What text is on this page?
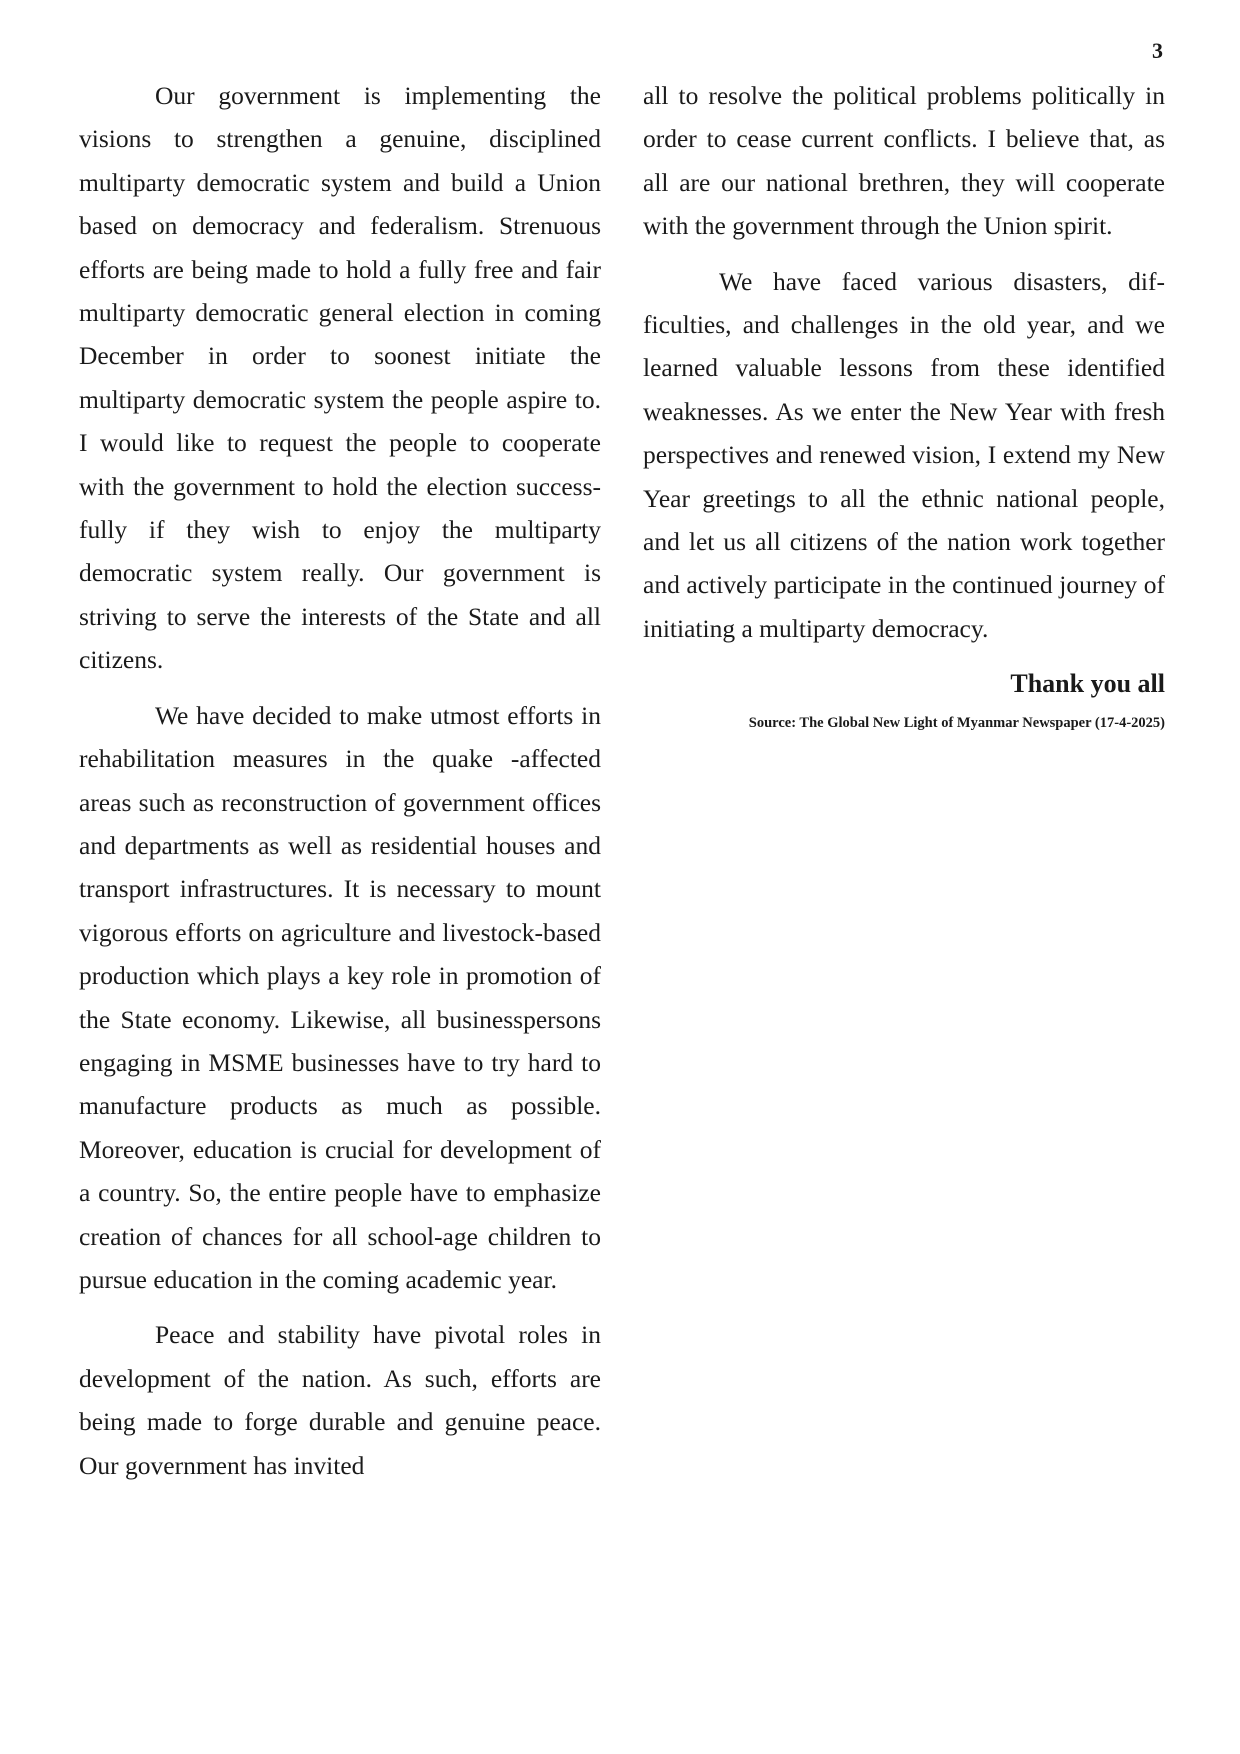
3

Our government is implementing the visions to strengthen a genuine, disciplined multiparty democratic system and build a Union based on democracy and federalism. Strenuous efforts are being made to hold a fully free and fair multiparty democratic general election in coming December in order to soonest initiate the multiparty democratic system the people aspire to. I would like to request the people to cooperate with the government to hold the election successfully if they wish to enjoy the multiparty democratic system really. Our government is striving to serve the interests of the State and all citizens.

We have decided to make utmost efforts in rehabilitation measures in the quake -affected areas such as reconstruction of government offices and departments as well as residential houses and transport infrastructures. It is necessary to mount vigorous efforts on agriculture and livestock-based production which plays a key role in promotion of the State economy. Likewise, all businesspersons engaging in MSME businesses have to try hard to manufacture products as much as possible. Moreover, education is crucial for development of a country. So, the entire people have to emphasize creation of chances for all school-age children to pursue education in the coming academic year.

Peace and stability have pivotal roles in development of the nation. As such, efforts are being made to forge durable and genuine peace. Our government has invited

all to resolve the political problems politically in order to cease current conflicts. I believe that, as all are our national brethren, they will cooperate with the government through the Union spirit.

We have faced various disasters, difficulties, and challenges in the old year, and we learned valuable lessons from these identified weaknesses. As we enter the New Year with fresh perspectives and renewed vision, I extend my New Year greetings to all the ethnic national people, and let us all citizens of the nation work together and actively participate in the continued journey of initiating a multiparty democracy.

Thank you all
Source: The Global New Light of Myanmar Newspaper (17-4-2025)
